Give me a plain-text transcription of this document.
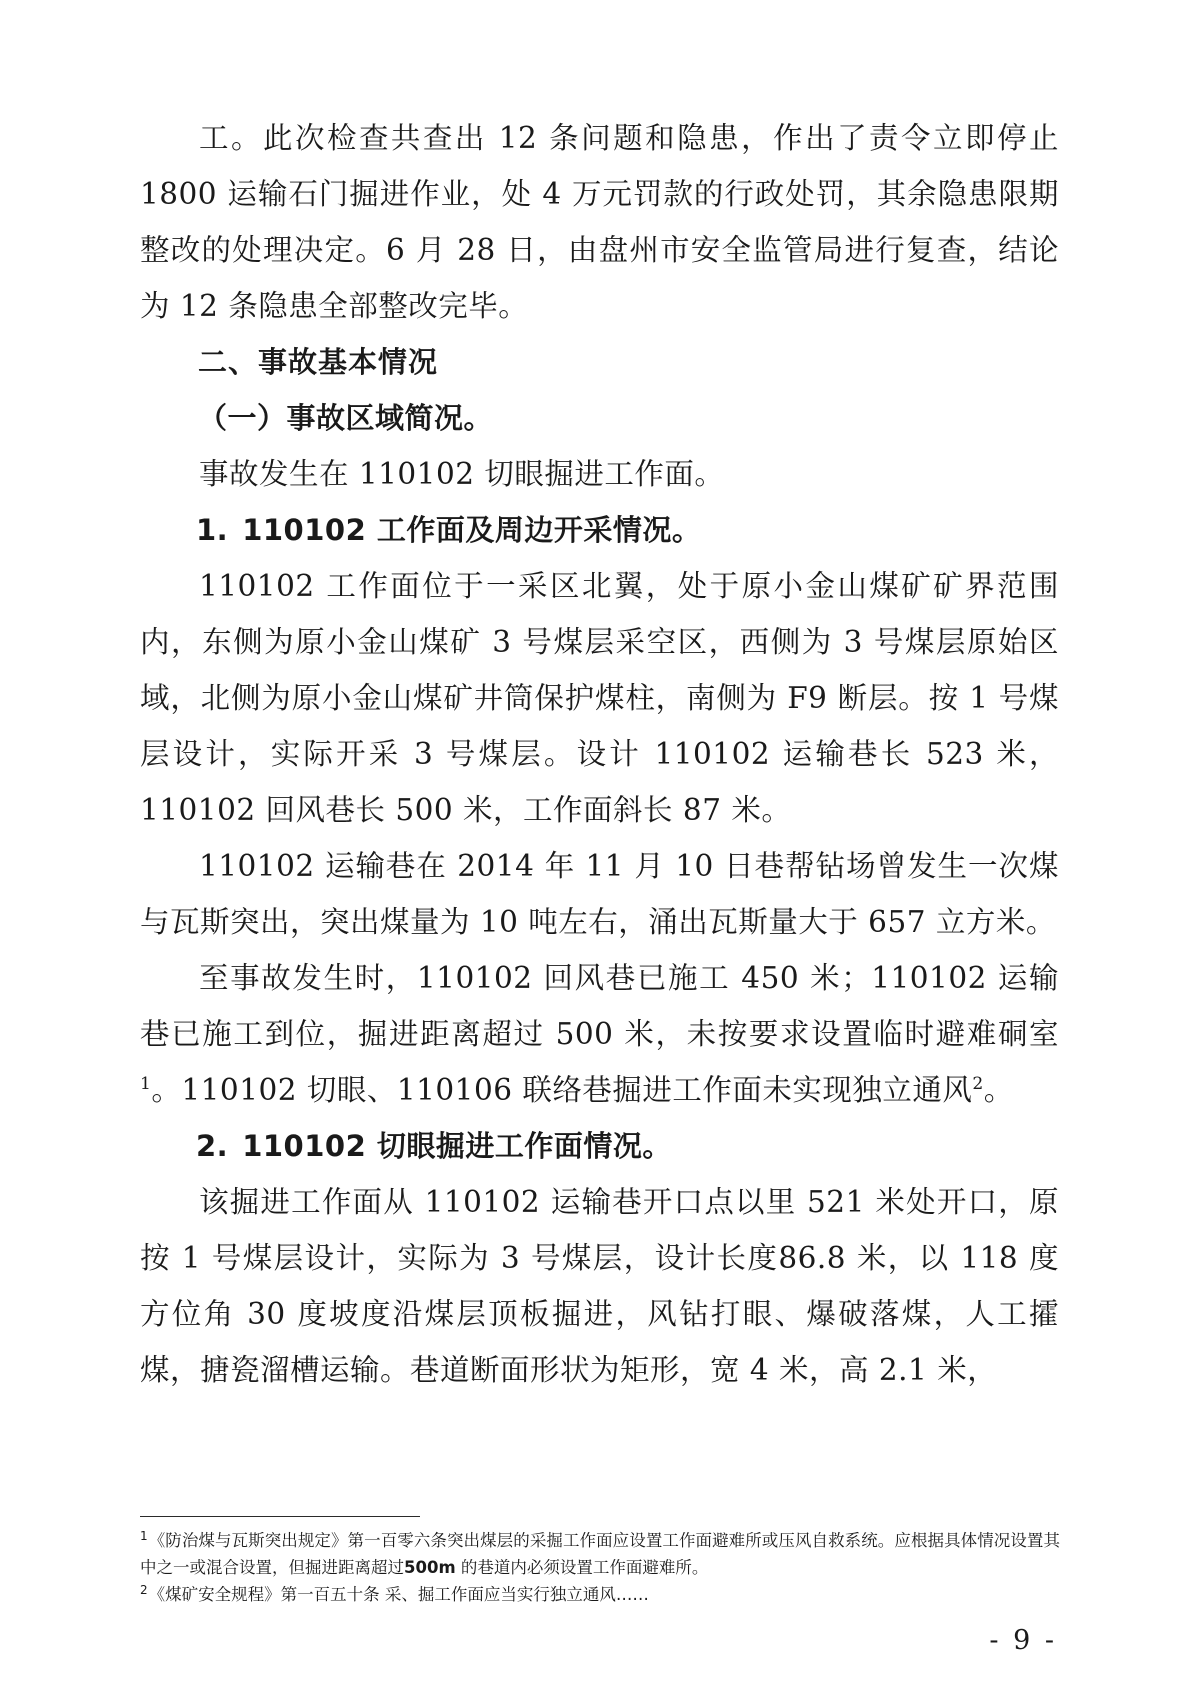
工。此次检查共查出 12 条问题和隐患，作出了责令立即停止 1800 运输石门掘进作业，处 4 万元罚款的行政处罚，其余隐患限期整改的处理决定。6 月 28 日，由盘州市安全监管局进行复查，结论为 12 条隐患全部整改完毕。

二、事故基本情况

（一）事故区域简况。

事故发生在 110102 切眼掘进工作面。

1. 110102 工作面及周边开采情况。

110102 工作面位于一采区北翼，处于原小金山煤矿矿界范围内，东侧为原小金山煤矿 3 号煤层采空区，西侧为 3 号煤层原始区域，北侧为原小金山煤矿井筒保护煤柱，南侧为 F9 断层。按 1 号煤层设计，实际开采 3 号煤层。设计 110102 运输巷长 523 米，110102 回风巷长 500 米，工作面斜长 87 米。

110102 运输巷在 2014 年 11 月 10 日巷帮钻场曾发生一次煤与瓦斯突出，突出煤量为 10 吨左右，涌出瓦斯量大于 657 立方米。

至事故发生时，110102 回风巷已施工 450 米；110102 运输巷已施工到位，掘进距离超过 500 米，未按要求设置临时避难硐室$^1$。110102 切眼、110106 联络巷掘进工作面未实现独立通风$^2$。

2. 110102 切眼掘进工作面情况。

该掘进工作面从 110102 运输巷开口点以里 521 米处开口，原按 1 号煤层设计，实际为 3 号煤层，设计长度86.8 米，以 118 度方位角 30 度坡度沿煤层顶板掘进，风钻打眼、爆破落煤，人工攉煤，搪瓷溜槽运输。巷道断面形状为矩形，宽 4 米，高 2.1 米，

$^1$《防治煤与瓦斯突出规定》第一百零六条突出煤层的采掘工作面应设置工作面避难所或压风自救系统。应根据具体情况设置其中之一或混合设置，但掘进距离超过500m 的巷道内必须设置工作面避难所。
$^2$《煤矿安全规程》第一百五十条 采、掘工作面应当实行独立通风……
- 9 -
